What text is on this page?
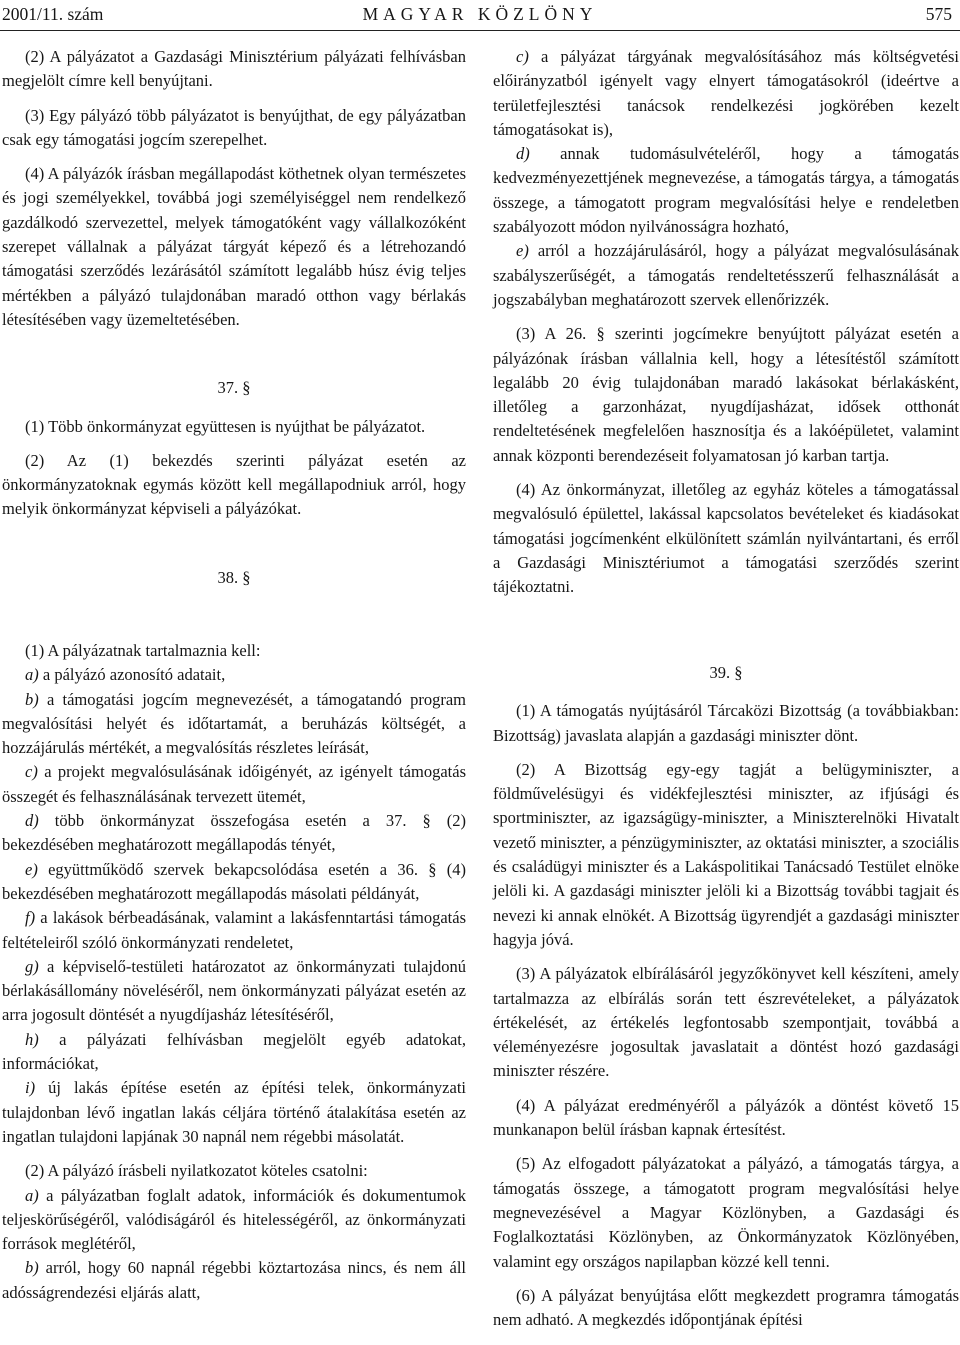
2001/11. szám	MAGYAR KÖZLÖNY	575

(2) A pályázatot a Gazdasági Minisztérium pályázati felhívásban megjelölt címre kell benyújtani.

(3) Egy pályázó több pályázatot is benyújthat, de egy pályázatban csak egy támogatási jogcím szerepelhet.

(4) A pályázók írásban megállapodást köthetnek olyan természetes és jogi személyekkel, továbbá jogi személyiséggel nem rendelkező gazdálkodó szervezettel, melyek támogatóként vagy vállalkozóként szerepet vállalnak a pályázat tárgyát képező és a létrehozandó támogatási szerződés lezárásától számított legalább húsz évig teljes mértékben a pályázó tulajdonában maradó otthon vagy bérlakás létesítésében vagy üzemeltetésében.

37. §

(1) Több önkormányzat együttesen is nyújthat be pályázatot.

(2) Az (1) bekezdés szerinti pályázat esetén az önkormányzatoknak egymás között kell megállapodniuk arról, hogy melyik önkormányzat képviseli a pályázókat.

38. §

(1) A pályázatnak tartalmaznia kell:

a) a pályázó azonosító adatait,

b) a támogatási jogcím megnevezését, a támogatandó program megvalósítási helyét és időtartamát, a beruházás költségét, a hozzájárulás mértékét, a megvalósítás részletes leírását,

c) a projekt megvalósulásának időigényét, az igényelt támogatás összegét és felhasználásának tervezett ütemét,

d) több önkormányzat összefogása esetén a 37. § (2) bekezdésében meghatározott megállapodás tényét,

e) együttműködő szervek bekapcsolódása esetén a 36. § (4) bekezdésében meghatározott megállapodás másolati példányát,

f) a lakások bérbeadásának, valamint a lakásfenntartási támogatás feltételeiről szóló önkormányzati rendeletet,

g) a képviselő-testületi határozatot az önkormányzati tulajdonú bérlakásállomány növeléséről, nem önkormányzati pályázat esetén az arra jogosult döntését a nyugdíjasház létesítéséről,

h) a pályázati felhívásban megjelölt egyéb adatokat, információkat,

i) új lakás építése esetén az építési telek, önkormányzati tulajdonban lévő ingatlan lakás céljára történő átalakítása esetén az ingatlan tulajdoni lapjának 30 napnál nem régebbi másolatát.

(2) A pályázó írásbeli nyilatkozatot köteles csatolni:

a) a pályázatban foglalt adatok, információk és dokumentumok teljeskörűségéről, valódiságáról és hitelességéről, az önkormányzati források meglétéről,

b) arról, hogy 60 napnál régebbi köztartozása nincs, és nem áll adósságrendezési eljárás alatt,

c) a pályázat tárgyának megvalósításához más költségvetési előirányzatból igényelt vagy elnyert támogatásokról (ideértve a területfejlesztési tanácsok rendelkezési jogkörében kezelt támogatásokat is),

d) annak tudomásulvételéről, hogy a támogatás kedvezményezettjének megnevezése, a támogatás tárgya, a támogatás összege, a támogatott program megvalósítási helye e rendeletben szabályozott módon nyilvánosságra hozható,

e) arról a hozzájárulásáról, hogy a pályázat megvalósulásának szabályszerűségét, a támogatás rendeltetésszerű felhasználását a jogszabályban meghatározott szervek ellenőrizzék.

(3) A 26. § szerinti jogcímekre benyújtott pályázat esetén a pályázónak írásban vállalnia kell, hogy a létesítéstől számított legalább 20 évig tulajdonában maradó lakásokat bérlakásként, illetőleg a garzonházat, nyugdíjasházat, idősek otthonát rendeltetésének megfelelően hasznosítja és a lakóépületet, valamint annak központi berendezéseit folyamatosan jó karban tartja.

(4) Az önkormányzat, illetőleg az egyház köteles a támogatással megvalósuló épülettel, lakással kapcsolatos bevételeket és kiadásokat támogatási jogcímenként elkülönített számlán nyilvántartani, és erről a Gazdasági Minisztériumot a támogatási szerződés szerint tájékoztatni.

39. §

(1) A támogatás nyújtásáról Tárcaközi Bizottság (a továbbiakban: Bizottság) javaslata alapján a gazdasági miniszter dönt.

(2) A Bizottság egy-egy tagját a belügyminiszter, a földművelésügyi és vidékfejlesztési miniszter, az ifjúsági és sportminiszter, az igazságügy-miniszter, a Miniszterelnöki Hivatalt vezető miniszter, a pénzügyminiszter, az oktatási miniszter, a szociális és családügyi miniszter és a Lakáspolitikai Tanácsadó Testület elnöke jelöli ki. A gazdasági miniszter jelöli ki a Bizottság további tagjait és nevezi ki annak elnökét. A Bizottság ügyrendjét a gazdasági miniszter hagyja jóvá.

(3) A pályázatok elbírálásáról jegyzőkönyvet kell készíteni, amely tartalmazza az elbírálás során tett észrevételeket, a pályázatok értékelését, az értékelés legfontosabb szempontjait, továbbá a véleményezésre jogosultak javaslatait a döntést hozó gazdasági miniszter részére.

(4) A pályázat eredményéről a pályázók a döntést követő 15 munkanapon belül írásban kapnak értesítést.

(5) Az elfogadott pályázatokat a pályázó, a támogatás tárgya, a támogatás összege, a támogatott program megvalósítási helye megnevezésével a Magyar Közlönyben, a Gazdasági és Foglalkoztatási Közlönyben, az Önkormányzatok Közlönyében, valamint egy országos napilapban közzé kell tenni.

(6) A pályázat benyújtása előtt megkezdett programra támogatás nem adható. A megkezdés időpontjának építési
